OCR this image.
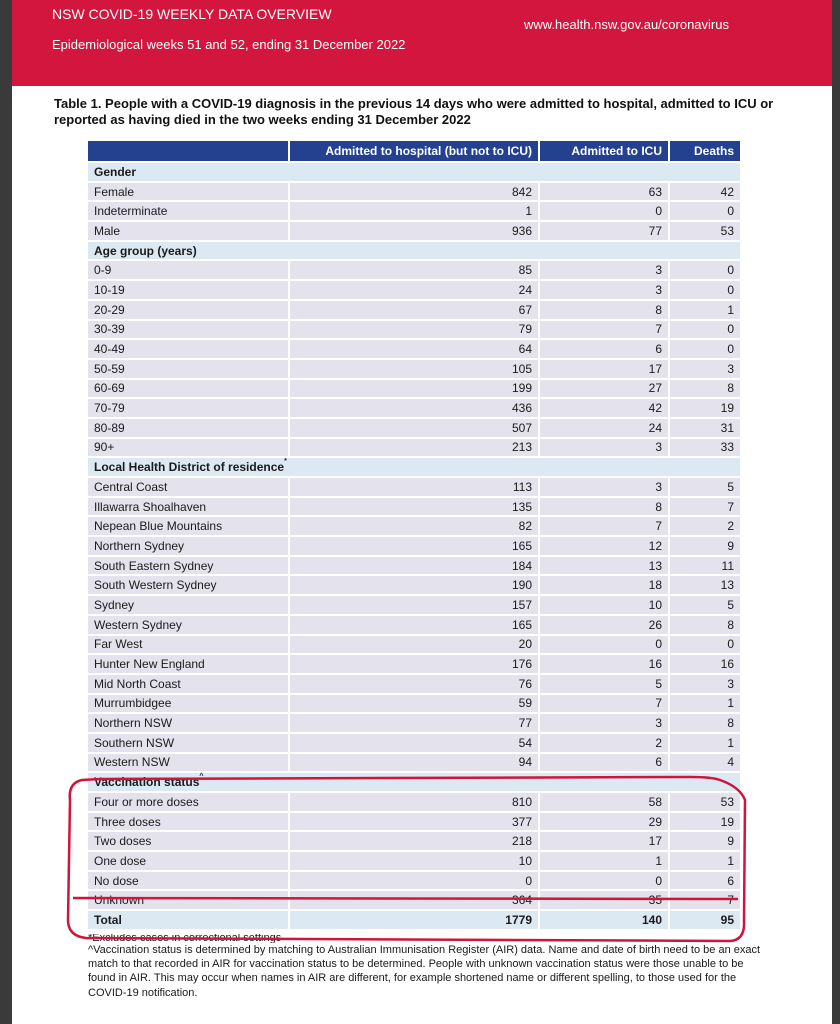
NSW COVID-19 WEEKLY DATA OVERVIEW
Epidemiological weeks 51 and 52, ending 31 December 2022
www.health.nsw.gov.au/coronavirus
Table 1. People with a COVID-19 diagnosis in the previous 14 days who were admitted to hospital, admitted to ICU or reported as having died in the two weeks ending 31 December 2022
	Admitted to hospital (but not to ICU)	Admitted to ICU	Deaths
Gender			
Female	842	63	42
Indeterminate	1	0	0
Male	936	77	53
Age group (years)			
0-9	85	3	0
10-19	24	3	0
20-29	67	8	1
30-39	79	7	0
40-49	64	6	0
50-59	105	17	3
60-69	199	27	8
70-79	436	42	19
80-89	507	24	31
90+	213	3	33
Local Health District of residence*
Central Coast	113	3	5
Illawarra Shoalhaven	135	8	7
Nepean Blue Mountains	82	7	2
Northern Sydney	165	12	9
South Eastern Sydney	184	13	11
South Western Sydney	190	18	13
Sydney	157	10	5
Western Sydney	165	26	8
Far West	20	0	0
Hunter New England	176	16	16
Mid North Coast	76	5	3
Murrumbidgee	59	7	1
Northern NSW	77	3	8
Southern NSW	54	2	1
Western NSW	94	6	4
Vaccination status^
Four or more doses	810	58	53
Three doses	377	29	19
Two doses	218	17	9
One dose	10	1	1
No dose	0	0	6
Unknown	364	35	7
Total	1779	140	95
*Excludes cases in correctional settings
^Vaccination status is determined by matching to Australian Immunisation Register (AIR) data. Name and date of birth need to be an exact match to that recorded in AIR for vaccination status to be determined. People with unknown vaccination status were those unable to be found in AIR. This may occur when names in AIR are different, for example shortened name or different spelling, to those used for the COVID-19 notification.
